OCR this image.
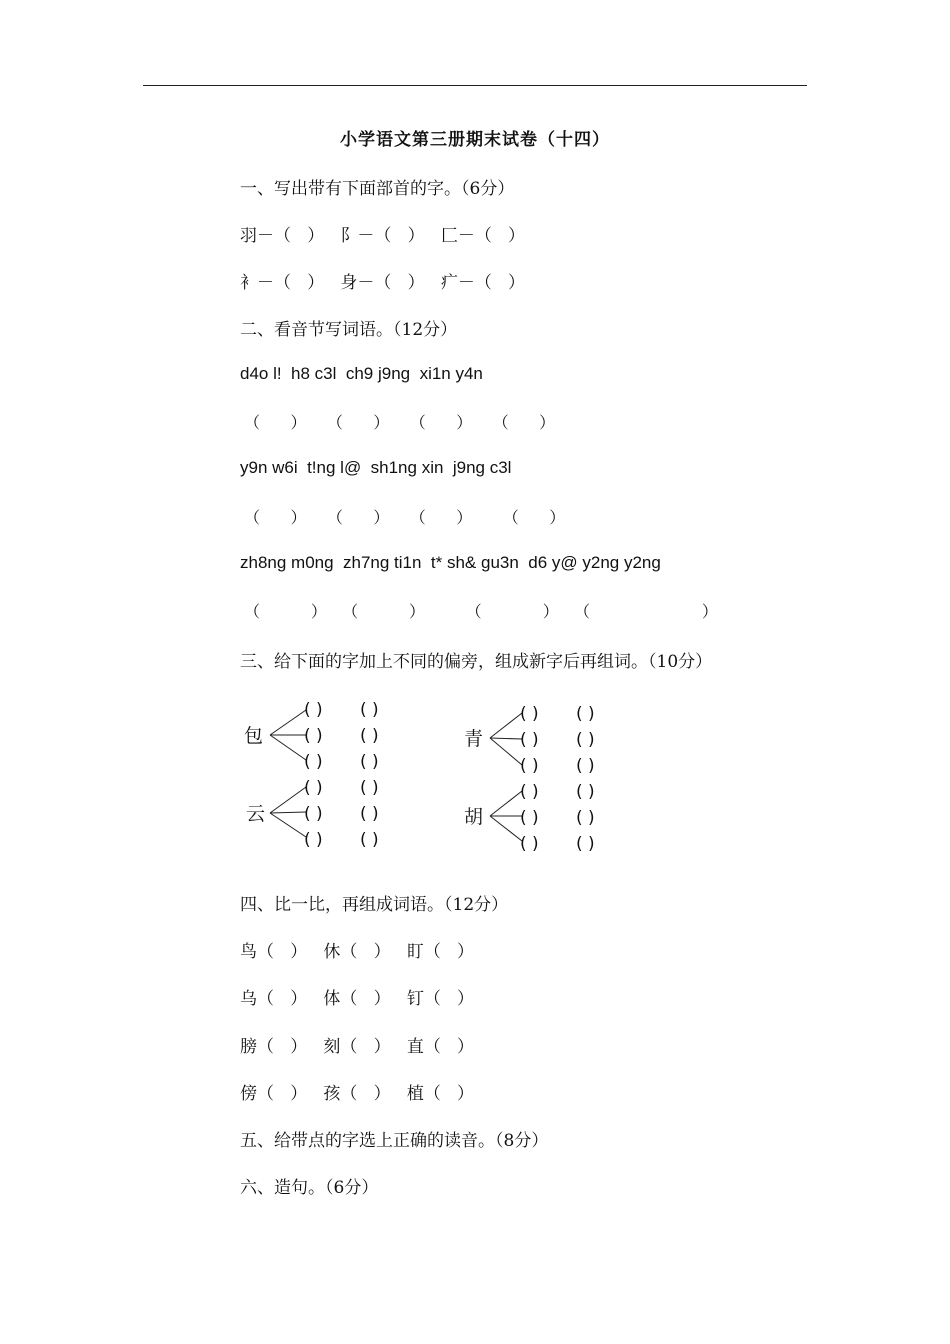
小学语文第三册期末试卷（十四）
一、写出带有下面部首的字。（6分）
羽－（   ）   阝－（   ）   匚－（   ）
衤－（   ）   身－（   ）   疒－（   ）
二、看音节写词语。（12分）
d4o l!  h8 c3l  ch9 j9ng  xi1n y4n
（      ）    （      ）    （      ）    （      ）
y9n w6i  t!ng l@  sh1ng xin  j9ng c3l
（      ）    （      ）    （      ）      （      ）
zh8ng m0ng  zh7ng ti1n  t* sh& gu3n  d6 y@ y2ng y2ng
（          ）   （          ）        （            ）   （                      ）
三、给下面的字加上不同的偏旁，组成新字后再组词。（10分）
包	青
云	胡
( ) ( )
( ) ( )
( ) ( )
( ) ( )
( ) ( )
( ) ( )
( ) ( )
( ) ( )
( ) ( )
( ) ( )
( ) ( )
( ) ( )
四、比一比，再组成词语。（12分）
鸟（   ）   休（   ）   盯（   ）
乌（   ）   体（   ）   钉（   ）
膀（   ）   刻（   ）   直（   ）
傍（   ）   孩（   ）   植（   ）
五、给带点的字选上正确的读音。（8分）
六、造句。（6分）
